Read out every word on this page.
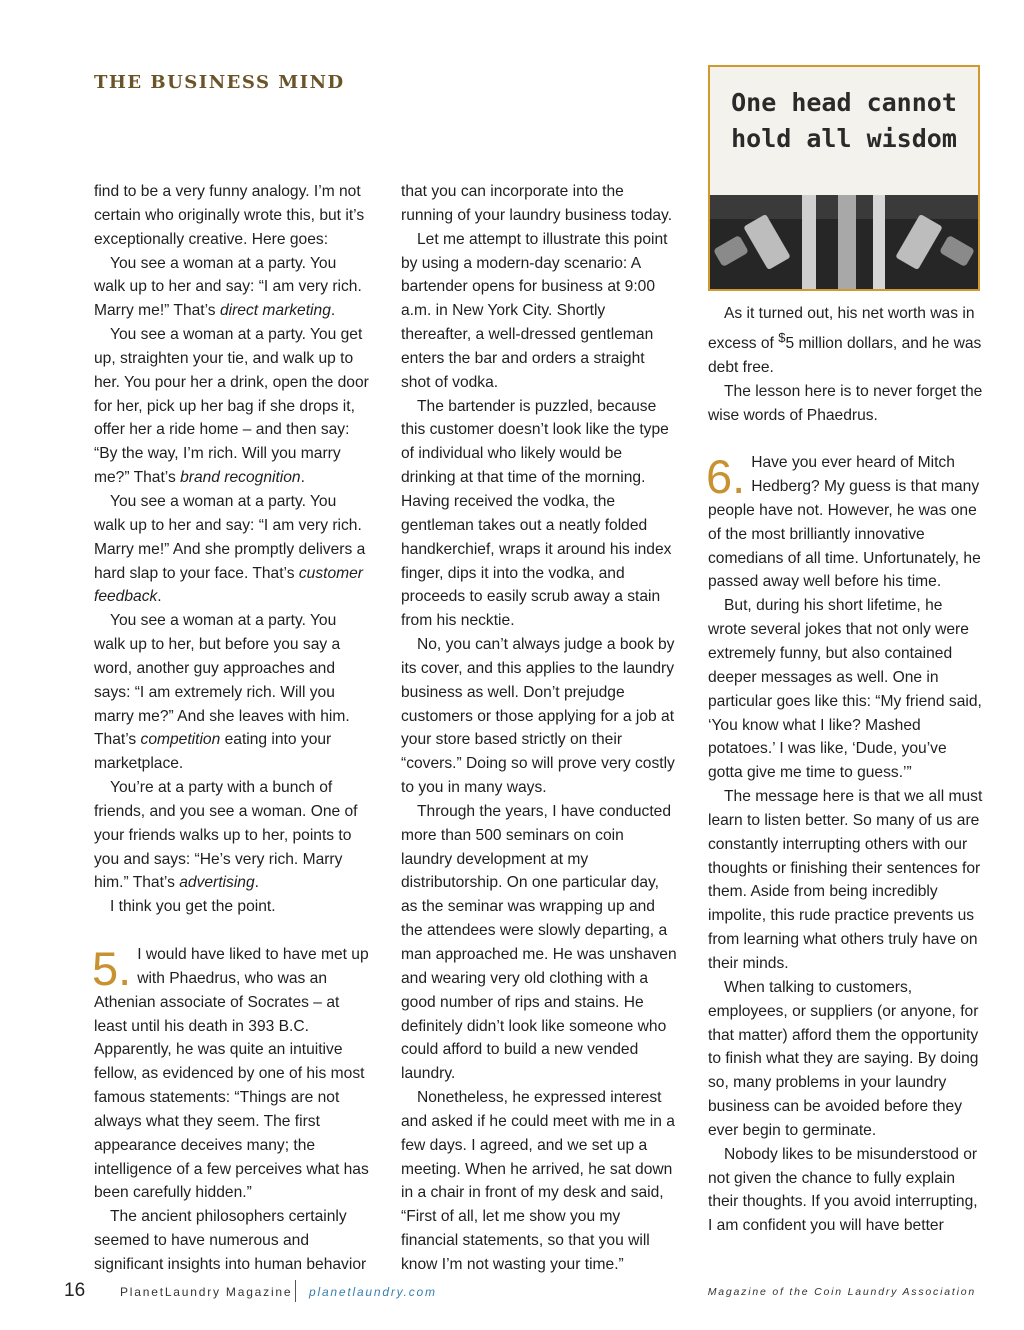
THE BUSINESS MIND
One head cannot
hold all wisdom

find to be a very funny analogy. I’m not certain who originally wrote this, but it’s exceptionally creative. Here goes:

You see a woman at a party. You walk up to her and say: “I am very rich. Marry me!” That’s direct marketing.

You see a woman at a party. You get up, straighten your tie, and walk up to her. You pour her a drink, open the door for her, pick up her bag if she drops it, offer her a ride home – and then say: “By the way, I’m rich. Will you marry me?” That’s brand recognition.

You see a woman at a party. You walk up to her and say: “I am very rich. Marry me!” And she promptly delivers a hard slap to your face. That’s customer feedback.

You see a woman at a party. You walk up to her, but before you say a word, another guy approaches and says: “I am extremely rich. Will you marry me?” And she leaves with him. That’s competition eating into your marketplace.

You’re at a party with a bunch of friends, and you see a woman. One of your friends walks up to her, points to you and says: “He’s very rich. Marry him.” That’s advertising.

I think you get the point.

5. I would have liked to have met up with Phaedrus, who was an Athenian associate of Socrates – at least until his death in 393 B.C. Apparently, he was quite an intuitive fellow, as evidenced by one of his most famous statements: “Things are not always what they seem. The first appearance deceives many; the intelligence of a few perceives what has been carefully hidden.”

The ancient philosophers certainly seemed to have numerous and significant insights into human behavior

that you can incorporate into the running of your laundry business today.

Let me attempt to illustrate this point by using a modern-day scenario: A bartender opens for business at 9:00 a.m. in New York City. Shortly thereafter, a well-dressed gentleman enters the bar and orders a straight shot of vodka.

The bartender is puzzled, because this customer doesn’t look like the type of individual who likely would be drinking at that time of the morning. Having received the vodka, the gentleman takes out a neatly folded handkerchief, wraps it around his index finger, dips it into the vodka, and proceeds to easily scrub away a stain from his necktie.

No, you can’t always judge a book by its cover, and this applies to the laundry business as well. Don’t prejudge customers or those applying for a job at your store based strictly on their “covers.” Doing so will prove very costly to you in many ways.

Through the years, I have conducted more than 500 seminars on coin laundry development at my distributorship. On one particular day, as the seminar was wrapping up and the attendees were slowly departing, a man approached me. He was unshaven and wearing very old clothing with a good number of rips and stains. He definitely didn’t look like someone who could afford to build a new vended laundry.

Nonetheless, he expressed interest and asked if he could meet with me in a few days. I agreed, and we set up a meeting. When he arrived, he sat down in a chair in front of my desk and said, “First of all, let me show you my financial statements, so that you will know I’m not wasting your time.”

As it turned out, his net worth was in excess of $5 million dollars, and he was debt free.

The lesson here is to never forget the wise words of Phaedrus.

6. Have you ever heard of Mitch Hedberg? My guess is that many people have not. However, he was one of the most brilliantly innovative comedians of all time. Unfortunately, he passed away well before his time.

But, during his short lifetime, he wrote several jokes that not only were extremely funny, but also contained deeper messages as well. One in particular goes like this: “My friend said, ‘You know what I like? Mashed potatoes.’ I was like, ‘Dude, you’ve gotta give me time to guess.’”

The message here is that we all must learn to listen better. So many of us are constantly interrupting others with our thoughts or finishing their sentences for them. Aside from being incredibly impolite, this rude practice prevents us from learning what others truly have on their minds.

When talking to customers, employees, or suppliers (or anyone, for that matter) afford them the opportunity to finish what they are saying. By doing so, many problems in your laundry business can be avoided before they ever begin to germinate.

Nobody likes to be misunderstood or not given the chance to fully explain their thoughts. If you avoid interrupting, I am confident you will have better

16	PlanetLaundry Magazine planetlaundry.com	Magazine of the Coin Laundry Association
